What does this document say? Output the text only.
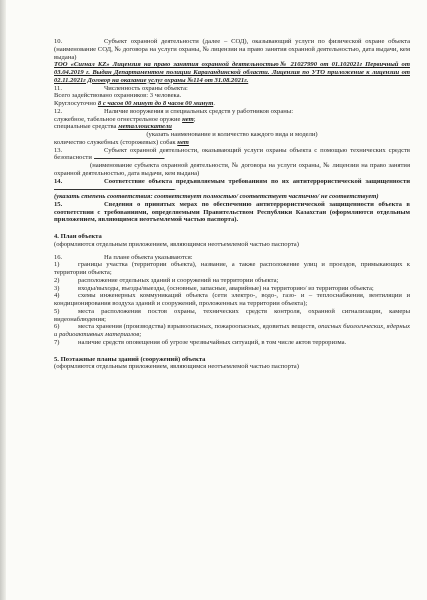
10.	Субъект охранной деятельности (далее – СОД), оказывающий услуги по физической охране объекта (наименование СОД, № договора на услуги охраны, № лицензии на право занятия охранной деятельностью, дата выдачи, кем выдана)

ТОО «Сигнал KZ» Лицензия на право занятия охранной деятельностью№ 21027990 от 01.102021г Первичный от 03.04.2019 г. Выдан Департаментом полиции Карагандинской области. Лицензия по УТО приложение к лицензии от 02.11.2021г Договор на оказание услуг охраны №114 от 31.08.2021г.

11.	Численность охраны объекта:

Всего задействовано охранников: 3 человека.

Круглосуточно 8 с часов 00 минут до 8 часов 00 минут.

12.	Наличие вооружения и специальных средств у работников охраны:

служебное, табельное огнестрельное оружие нет;

специальные средства металлоискатели

(указать наименование и количество каждого вида и модели)

количество служебных (сторожевых) собак нет

13.	Субъект охранной деятельности, оказывающий услуги охраны объекта с помощью технических средств безопасности	.

(наименование субъекта охранной деятельности, № договора на услуги охраны, № лицензии на право занятия охранной деятельностью, дата выдачи, кем выдана)

14.	Соответствие объекта предъявляемым требованиям по их антитеррористической защищенности .

(указать степень соответствия: соответствует полностью/ соответствует частично/ не соответствует)

15.	Сведения о принятых мерах по обеспечению антитеррористической защищенности объекта в соответствии с требованиями, определяемыми Правительством Республики Казахстан (оформляются отдельным приложением, являющимся неотъемлемой частью паспорта).

4. План объекта

(оформляются отдельным приложением, являющимся неотъемлемой частью паспорта)

16.	На плане объекта указываются:

1)	границы участка (территории объекта), название, а также расположение улиц и проездов, примыкающих к территории объекта;

2)	расположение отдельных зданий и сооружений на территории объекта;

3)	входы/выходы, въезды/выезды, (основные, запасные, аварийные) на территорию/ из территории объекта;

4)	схемы инженерных коммуникаций объекта (сети электро-, водо-, газо- и – теплоснабжения, вентиляции и кондиционирования воздуха зданий и сооружений, проложенных на территории объекта);

5)	места расположения постов охраны, технических средств контроля, охранной сигнализации, камеры видеонаблюдения;

6)	места хранения (производства) взрывоопасных, пожароопасных, ядовитых веществ, опасных биологических, ядерных и радиоактивных материалов;

7)	наличие средств оповещения об угрозе чрезвычайных ситуаций, в том числе актов терроризма.

5. Поэтажные планы зданий (сооружений) объекта

(оформляются отдельным приложением, являющимся неотъемлемой частью паспорта)
